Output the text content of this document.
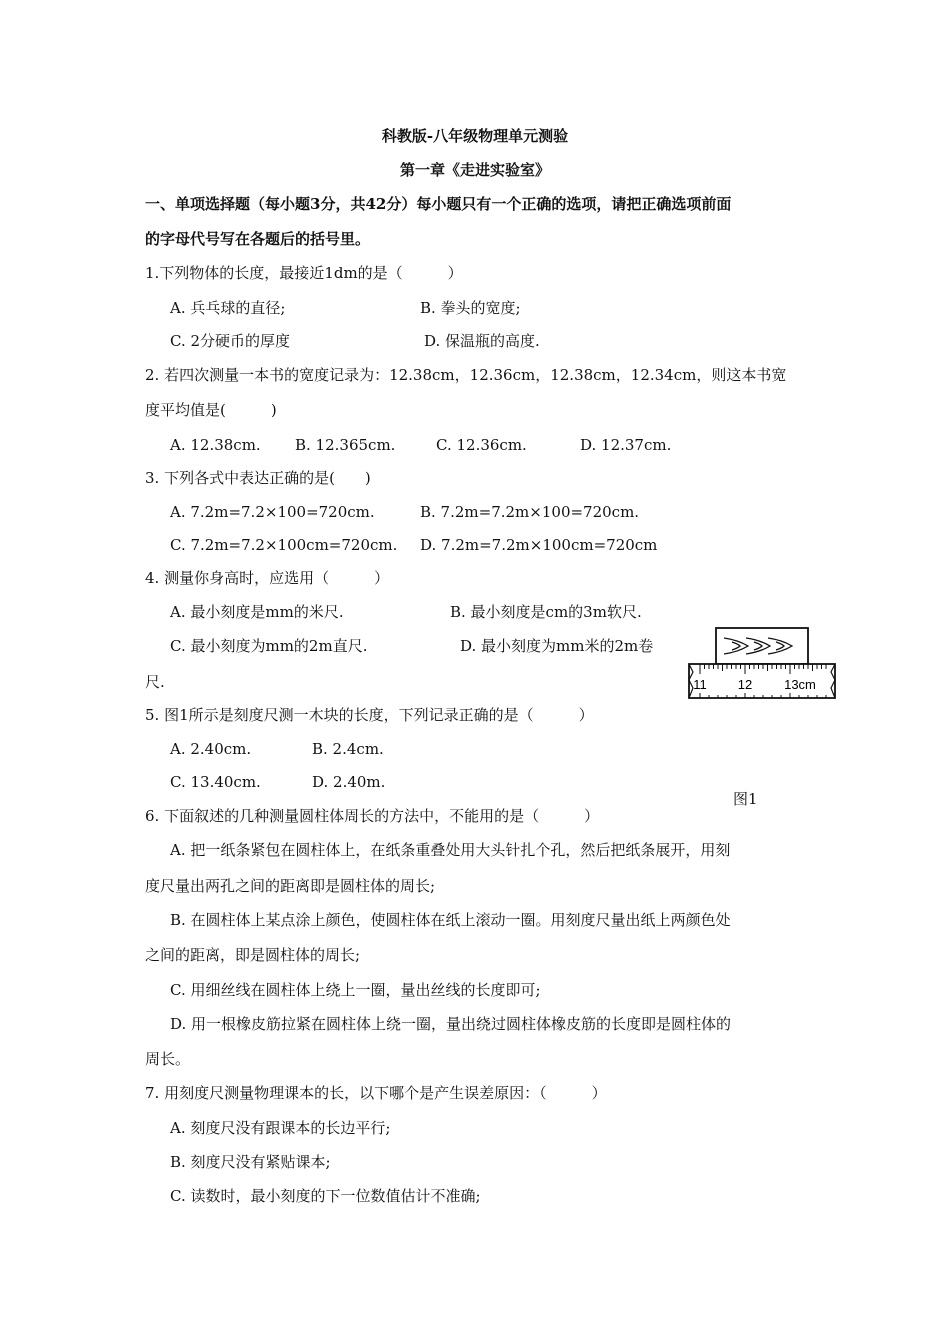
科教版-八年级物理单元测验
第一章《走进实验室》
一、单项选择题（每小题3分，共42分）每小题只有一个正确的选项，请把正确选项前面
的字母代号写在各题后的括号里。
1.下列物体的长度，最接近1dm的是（　　　）
A. 兵乓球的直径;	B. 拳头的宽度;
C. 2分硬币的厚度	D. 保温瓶的高度.
2. 若四次测量一本书的宽度记录为：12.38cm，12.36cm，12.38cm，12.34cm，则这本书宽
度平均值是(　　　)
A. 12.38cm. B. 12.365cm.	C. 12.36cm.	D. 12.37cm.
3. 下列各式中表达正确的是(　　)
A. 7.2m=7.2×100=720cm.	B. 7.2m=7.2m×100=720cm.
C. 7.2m=7.2×100cm=720cm. D. 7.2m=7.2m×100cm=720cm
4. 测量你身高时，应选用（　　　）
A. 最小刻度是mm的米尺.	B. 最小刻度是cm的3m软尺.
C. 最小刻度为mm的2m直尺.	D. 最小刻度为mm米的2m卷
尺.	11 12 13cm
5. 图1所示是刻度尺测一木块的长度，下列记录正确的是（　　　）
A. 2.40cm.	B. 2.4cm.
C. 13.40cm.	D. 2.40m.
图1
6. 下面叙述的几种测量圆柱体周长的方法中，不能用的是（　　　）
A. 把一纸条紧包在圆柱体上，在纸条重叠处用大头针扎个孔，然后把纸条展开，用刻
度尺量出两孔之间的距离即是圆柱体的周长;
B. 在圆柱体上某点涂上颜色，使圆柱体在纸上滚动一圈。用刻度尺量出纸上两颜色处
之间的距离，即是圆柱体的周长;
C. 用细丝线在圆柱体上绕上一圈，量出丝线的长度即可;
D. 用一根橡皮筋拉紧在圆柱体上绕一圈，量出绕过圆柱体橡皮筋的长度即是圆柱体的
周长。
7. 用刻度尺测量物理课本的长，以下哪个是产生误差原因：（　　　）
A. 刻度尺没有跟课本的长边平行;
B. 刻度尺没有紧贴课本;
C. 读数时，最小刻度的下一位数值估计不准确;
